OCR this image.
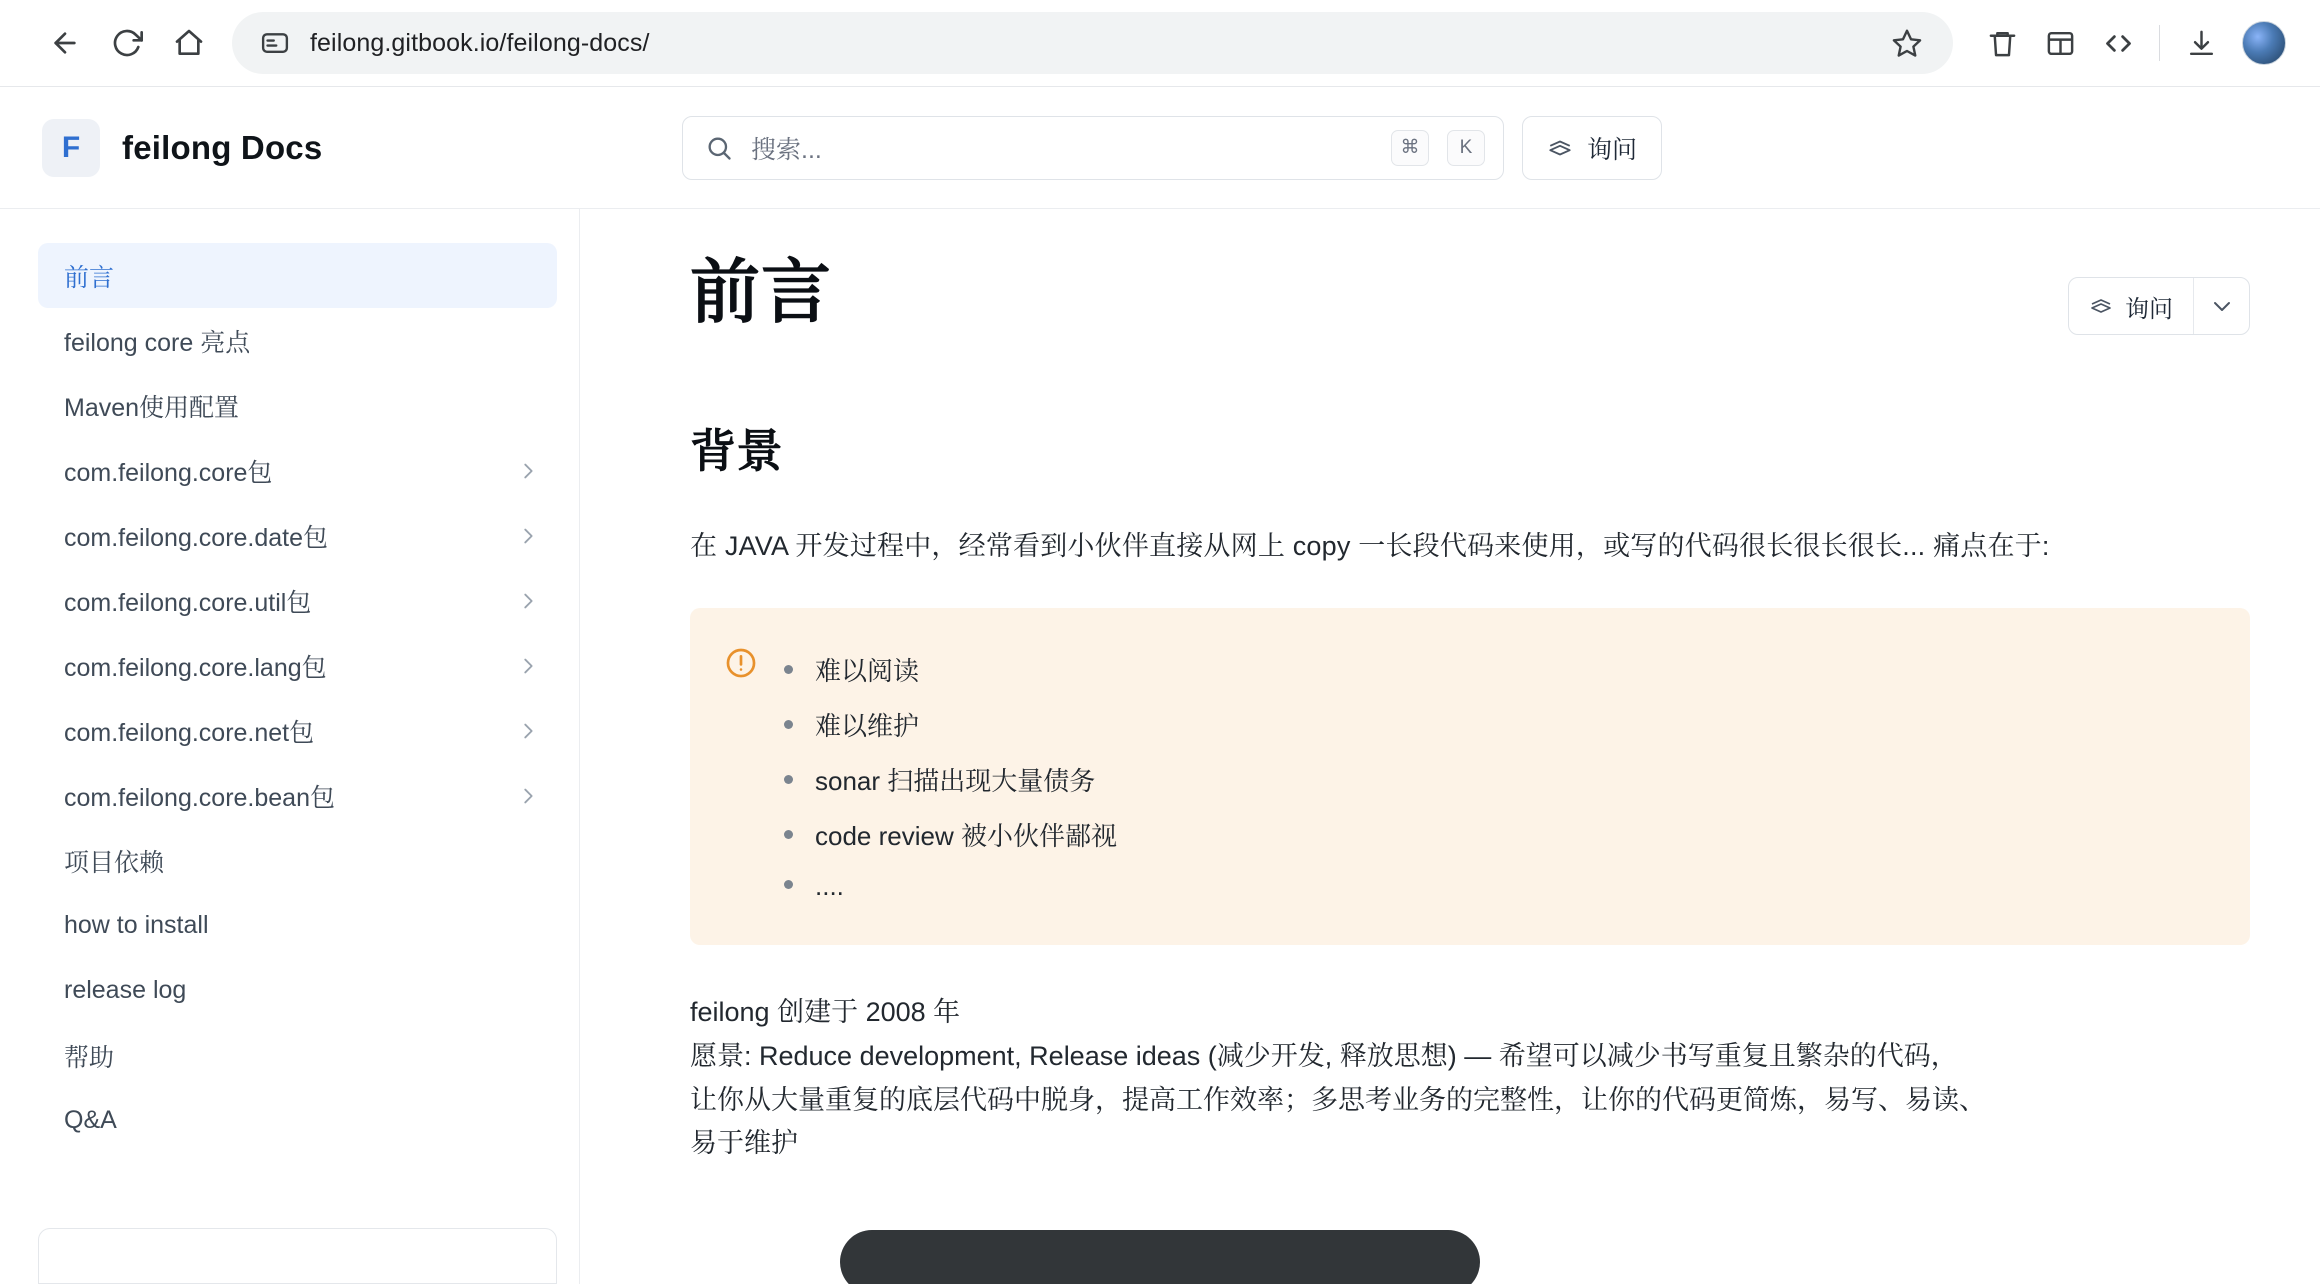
feilong.gitbook.io/feilong-docs/
F	feilong Docs	搜索...	⌘	K	询问
前言
feilong core 亮点
Maven使用配置
com.feilong.core包
com.feilong.core.date包
com.feilong.core.util包
com.feilong.core.lang包
com.feilong.core.net包
com.feilong.core.bean包
项目依赖
how to install
release log
帮助
Q&A
前言	询问
背景

在 JAVA 开发过程中，经常看到小伙伴直接从网上 copy 一长段代码来使用，或写的代码很长很长很长... 痛点在于:

难以阅读
难以维护
sonar 扫描出现大量债务
code review 被小伙伴鄙视
....
feilong 创建于 2008 年
愿景: Reduce development, Release ideas (减少开发, 释放思想) — 希望可以减少书写重复且繁杂的代码，
让你从大量重复的底层代码中脱身，提高工作效率；多思考业务的完整性，让你的代码更简炼，易写、易读、
易于维护
